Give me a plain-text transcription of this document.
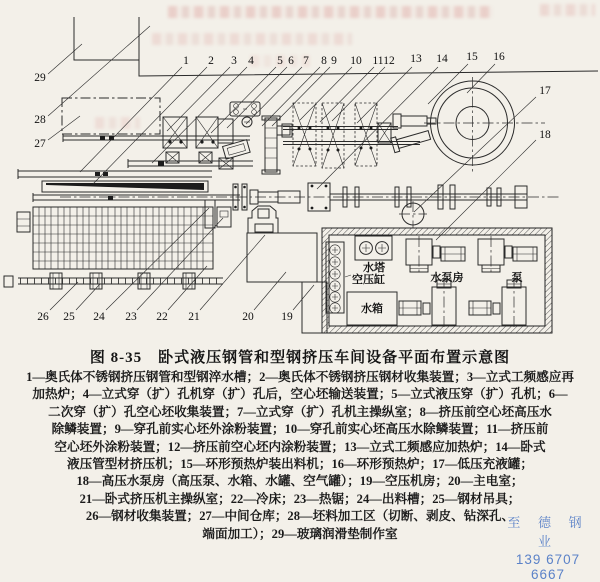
水塔
空压缸
水箱
水泵房	泵
1 2 3 4 5 6 7 8 9 10 11 12 13 14 15 16
17
18
29
28
27
26 25 24 23 22 21	20 19
图 8-35　卧式液压钢管和型钢挤压车间设备平面布置示意图
1—奥氏体不锈钢挤压钢管和型钢淬水槽；2—奥氏体不锈钢挤压钢材收集装置；3—立式工频感应再
加热炉；4—立式穿（扩）孔机穿（扩）孔后，空心坯输送装置；5—立式液压穿（扩）孔机；6—
二次穿（扩）孔空心坯收集装置；7—立式穿（扩）孔机主操纵室；8—挤压前空心坯高压水
除鳞装置；9—穿孔前实心坯外涂粉装置；10—穿孔前实心坯高压水除鳞装置；11—挤压前
空心坯外涂粉装置；12—挤压前空心坯内涂粉装置；13—立式工频感应加热炉；14—卧式
液压管型材挤压机；15—环形预热炉装出料机；16—环形预热炉；17—低压充液罐；
18—高压水泵房（高压泵、水箱、水罐、空气罐）；19—空压机房；20—主电室；
21—卧式挤压机主操纵室；22—冷床；23—热锯；24—出料槽；25—钢材吊具；
26—钢材收集装置；27—中间仓库；28—坯料加工区（切断、剥皮、钻深孔、
端面加工）；29—玻璃润滑垫制作室
至 德 钢 业
139 6707 6667
